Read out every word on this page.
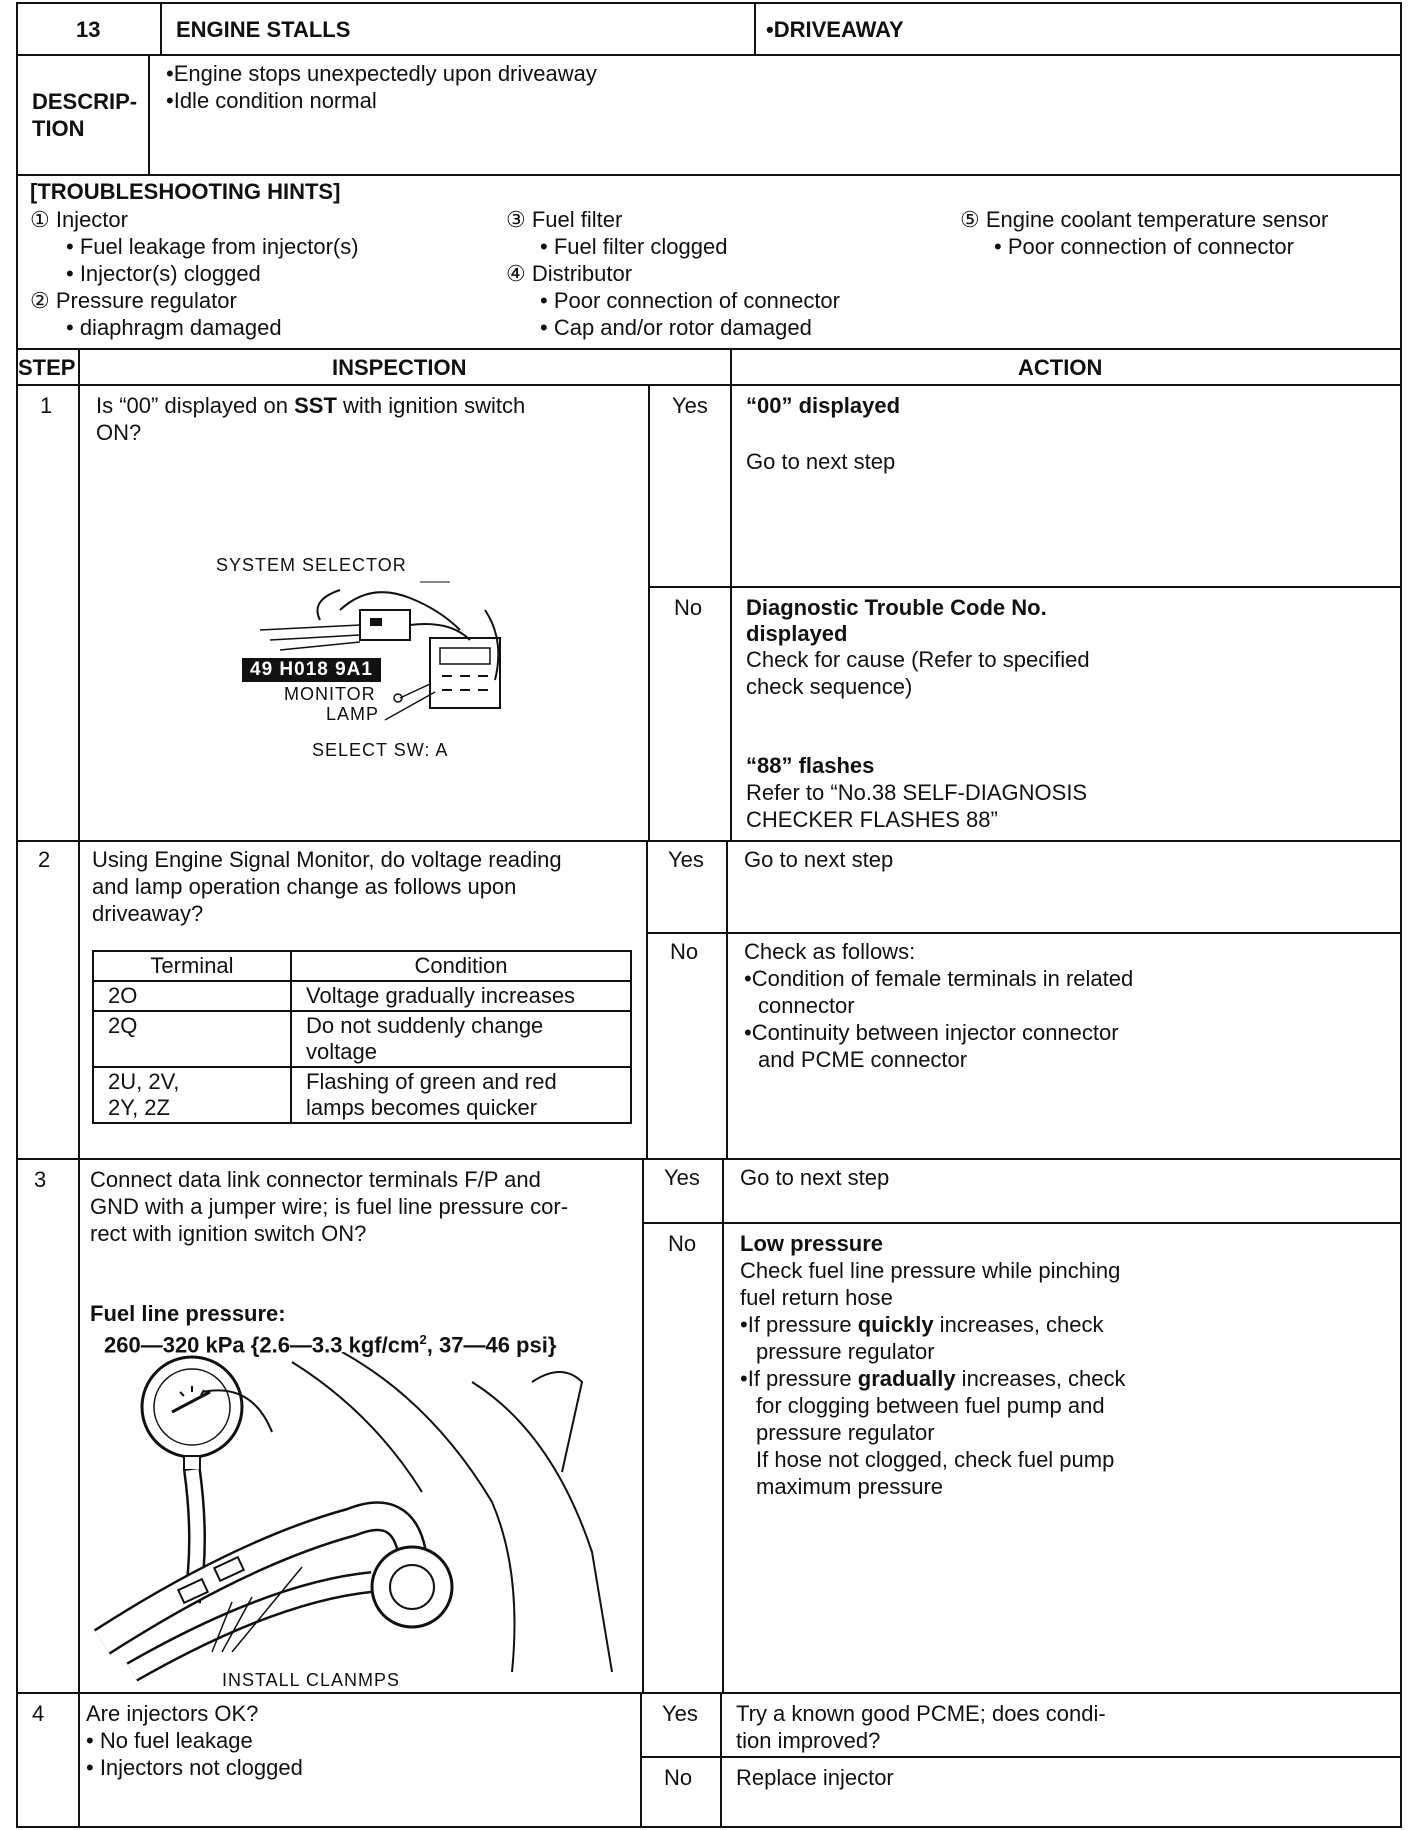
13	ENGINE STALLS	•DRIVEAWAY
DESCRIP-
TION
•Engine stops unexpectedly upon driveaway
•Idle condition normal
[TROUBLESHOOTING HINTS]
① Injector
• Fuel leakage from injector(s)
• Injector(s) clogged
② Pressure regulator
• diaphragm damaged
③ Fuel filter
• Fuel filter clogged
④ Distributor
• Poor connection of connector
• Cap and/or rotor damaged
⑤ Engine coolant temperature sensor
• Poor connection of connector
STEP	INSPECTION	ACTION
1 Is “00” displayed on SST with ignition switch
ON?
SYSTEM SELECTOR
49 H018 9A1
MONITOR
LAMP
SELECT SW: A
Yes “00” displayed
Go to next step
No Diagnostic Trouble Code No.
displayed
Check for cause (Refer to specified
check sequence)
“88” flashes
Refer to “No.38 SELF-DIAGNOSIS
CHECKER FLASHES 88”
2 Using Engine Signal Monitor, do voltage reading
and lamp operation change as follows upon
driveaway?
Terminal	Condition
2O	Voltage gradually increases
2Q	Do not suddenly change
voltage
2U, 2V,
2Y, 2Z	Flashing of green and red
lamps becomes quicker
Yes Go to next step
No Check as follows:
•Condition of female terminals in related
connector
•Continuity between injector connector
and PCME connector
3 Connect data link connector terminals F/P and
GND with a jumper wire; is fuel line pressure cor-
rect with ignition switch ON?
Fuel line pressure:
260—320 kPa {2.6—3.3 kgf/$cm^2$, 37—46 psi}
INSTALL CLANMPS
Yes Go to next step
No Low pressure
Check fuel line pressure while pinching
fuel return hose
•If pressure quickly increases, check
pressure regulator
•If pressure gradually increases, check
for clogging between fuel pump and
pressure regulator
If hose not clogged, check fuel pump
maximum pressure
4 Are injectors OK?
• No fuel leakage
• Injectors not clogged
Yes Try a known good PCME; does condi-
tion improved?
No Replace injector
